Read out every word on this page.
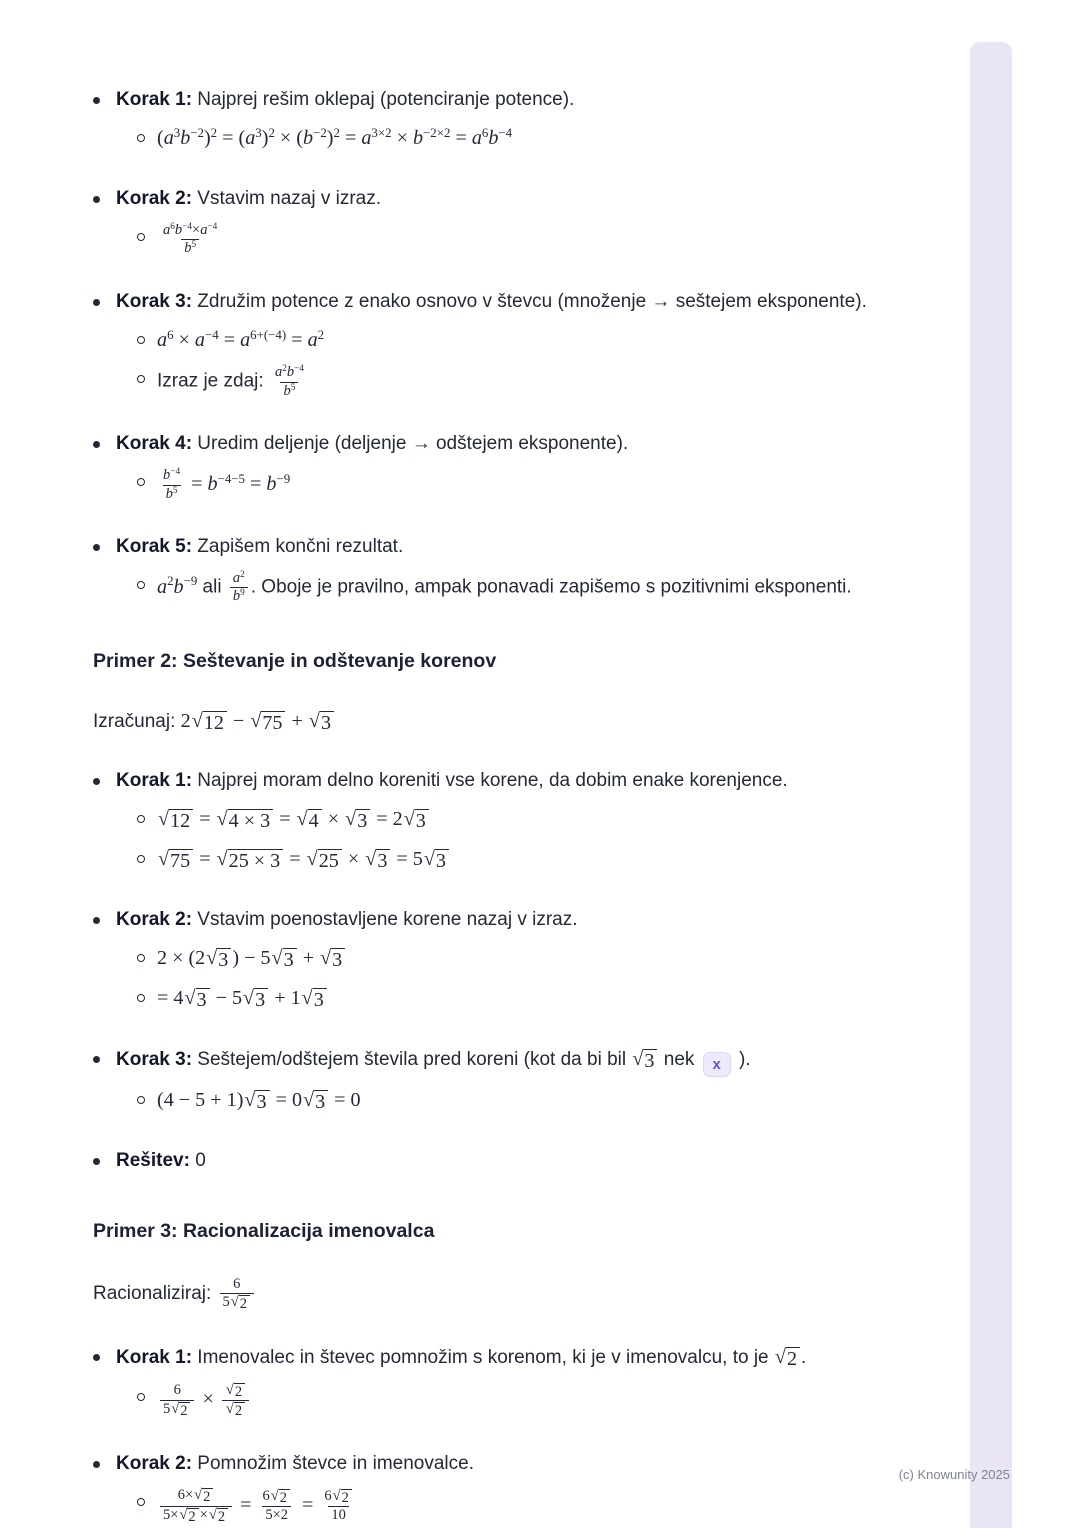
Korak 1: Najprej rešim oklepaj (potenciranje potence).
$(a^3b^{-2})^2 = (a^3)^2 \times (b^{-2})^2 = a^{3\times 2} \times b^{-2\times 2} = a^6b^{-4}$
Korak 2: Vstavim nazaj v izraz.
$\frac{a^6b^{-4}\times a^{-4}}{b^5}$
Korak 3: Združim potence z enako osnovo v števcu (množenje → seštejem eksponente).
$a^6 \times a^{-4} = a^{6+(-4)} = a^2$
Izraz je zdaj: $\frac{a^2b^{-4}}{b^5}$
Korak 4: Uredim deljenje (deljenje → odštejem eksponente).
$\frac{b^{-4}}{b^5} = b^{-4-5} = b^{-9}$
Korak 5: Zapišem končni rezultat.
$a^2b^{-9}$ ali $\frac{a^2}{b^9}$ . Oboje je pravilno, ampak ponavadi zapišemo s pozitivnimi eksponenti.
Primer 2: Seštevanje in odštevanje korenov

Izračunaj: 2 √ 12 − √ 75 + √ 3

Korak 1: Najprej moram delno koreniti vse korene, da dobim enake korenjence.
√ 12 = √ 4 × 3 = √ 4 × √ 3 = 2 √ 3
√ 75 = √ 25 × 3 = √ 25 × √ 3 = 5 √ 3
Korak 2: Vstavim poenostavljene korene nazaj v izraz.
2 × (2 √ 3 ) − 5 √ 3 + √ 3
= 4 √ 3 − 5 √ 3 + 1 √ 3
Korak 3: Seštejem/odštejem števila pred koreni (kot da bi bil √ 3 nek x ).
(4 − 5 + 1) √ 3 = 0 √ 3 = 0
Rešitev: 0
Primer 3: Racionalizacija imenovalca

Racionaliziraj: $\frac{6}{5 √ 2}$

Korak 1: Imenovalec in števec pomnožim s korenom, ki je v imenovalcu, to je √ 2 .
$\frac{6}{5 √ 2} \times \frac{√ 2}{√ 2}$
Korak 2: Pomnožim števce in imenovalce.
$\frac{6\times √ 2}{5\times √ 2 \times √ 2} = \frac{6 √ 2}{5\times 2} = \frac{6 √ 2}{10}$
(c) Knowunity 2025
